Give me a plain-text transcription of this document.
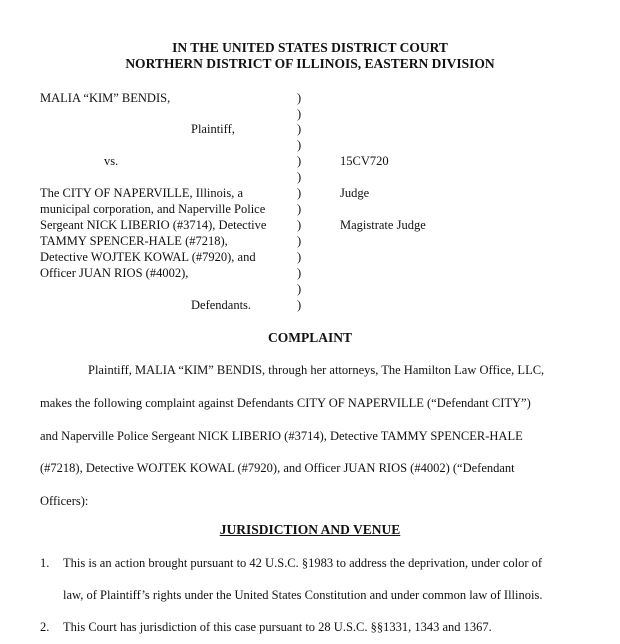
IN THE UNITED STATES DISTRICT COURT
NORTHERN DISTRICT OF ILLINOIS, EASTERN DIVISION
MALIA “KIM” BENDIS,
Plaintiff,
vs.
The CITY OF NAPERVILLE, Illinois, a
municipal corporation, and Naperville Police
Sergeant NICK LIBERIO (#3714), Detective
TAMMY SPENCER-HALE (#7218),
Detective WOJTEK KOWAL (#7920), and
Officer JUAN RIOS (#4002),
Defendants.
)
)
)
)
)
)
)
)
)
)
)
)
)
)
15CV720
Judge
Magistrate Judge
COMPLAINT
Plaintiff, MALIA “KIM” BENDIS, through her attorneys, The Hamilton Law Office, LLC,
makes the following complaint against Defendants CITY OF NAPERVILLE (“Defendant CITY”)
and Naperville Police Sergeant NICK LIBERIO (#3714), Detective TAMMY SPENCER-HALE
(#7218), Detective WOJTEK KOWAL (#7920), and Officer JUAN RIOS (#4002) (“Defendant
Officers):
JURISDICTION AND VENUE
1. This is an action brought pursuant to 42 U.S.C. §1983 to address the deprivation, under color of
law, of Plaintiff’s rights under the United States Constitution and under common law of Illinois.
2. This Court has jurisdiction of this case pursuant to 28 U.S.C. §§1331, 1343 and 1367.
